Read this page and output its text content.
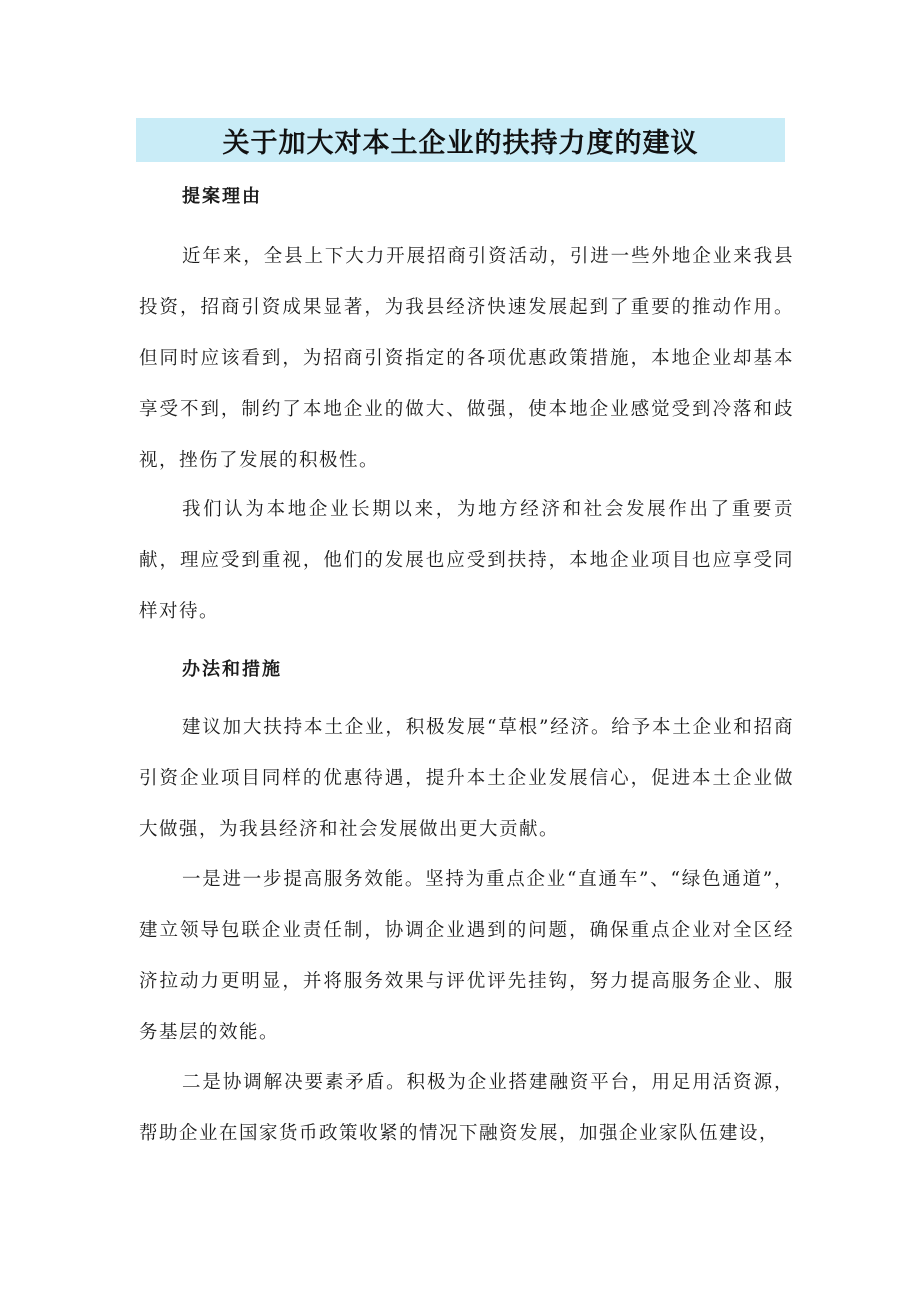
关于加大对本土企业的扶持力度的建议
提案理由

近年来，全县上下大力开展招商引资活动，引进一些外地企业来我县投资，招商引资成果显著，为我县经济快速发展起到了重要的推动作用。但同时应该看到，为招商引资指定的各项优惠政策措施，本地企业却基本享受不到，制约了本地企业的做大、做强，使本地企业感觉受到冷落和歧视，挫伤了发展的积极性。

我们认为本地企业长期以来，为地方经济和社会发展作出了重要贡献，理应受到重视，他们的发展也应受到扶持，本地企业项目也应享受同样对待。

办法和措施

建议加大扶持本土企业，积极发展“草根”经济。给予本土企业和招商引资企业项目同样的优惠待遇，提升本土企业发展信心，促进本土企业做大做强，为我县经济和社会发展做出更大贡献。

一是进一步提高服务效能。坚持为重点企业“直通车”、“绿色通道”，建立领导包联企业责任制，协调企业遇到的问题，确保重点企业对全区经济拉动力更明显，并将服务效果与评优评先挂钩，努力提高服务企业、服务基层的效能。

二是协调解决要素矛盾。积极为企业搭建融资平台，用足用活资源，帮助企业在国家货币政策收紧的情况下融资发展，加强企业家队伍建设，
